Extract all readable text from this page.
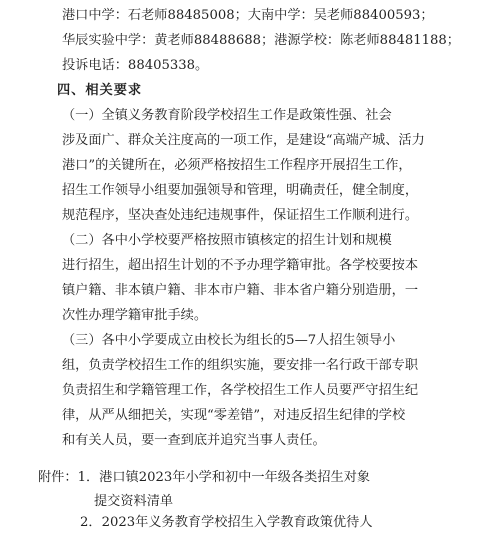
港口中学：石老师88485008；大南中学：吴老师88400593；
华辰实验中学：黄老师88488688；港源学校：陈老师88481188；
投诉电话：88405338。
四、相关要求
（一）全镇义务教育阶段学校招生工作是政策性强、社会
涉及面广、群众关注度高的一项工作，是建设“高端产城、活力
港口”的关键所在，必须严格按招生工作程序开展招生工作，
招生工作领导小组要加强领导和管理，明确责任，健全制度，
规范程序，坚决查处违纪违规事件，保证招生工作顺利进行。
（二）各中小学校要严格按照市镇核定的招生计划和规模
进行招生，超出招生计划的不予办理学籍审批。各学校要按本
镇户籍、非本镇户籍、非本市户籍、非本省户籍分别造册，一
次性办理学籍审批手续。
（三）各中小学要成立由校长为组长的5—7人招生领导小
组，负责学校招生工作的组织实施，要安排一名行政干部专职
负责招生和学籍管理工作，各学校招生工作人员要严守招生纪
律，从严从细把关，实现“零差错”，对违反招生纪律的学校
和有关人员，要一查到底并追究当事人责任。
附件：1．港口镇2023年小学和初中一年级各类招生对象
提交资料清单
2．2023年义务教育学校招生入学教育政策优待人
